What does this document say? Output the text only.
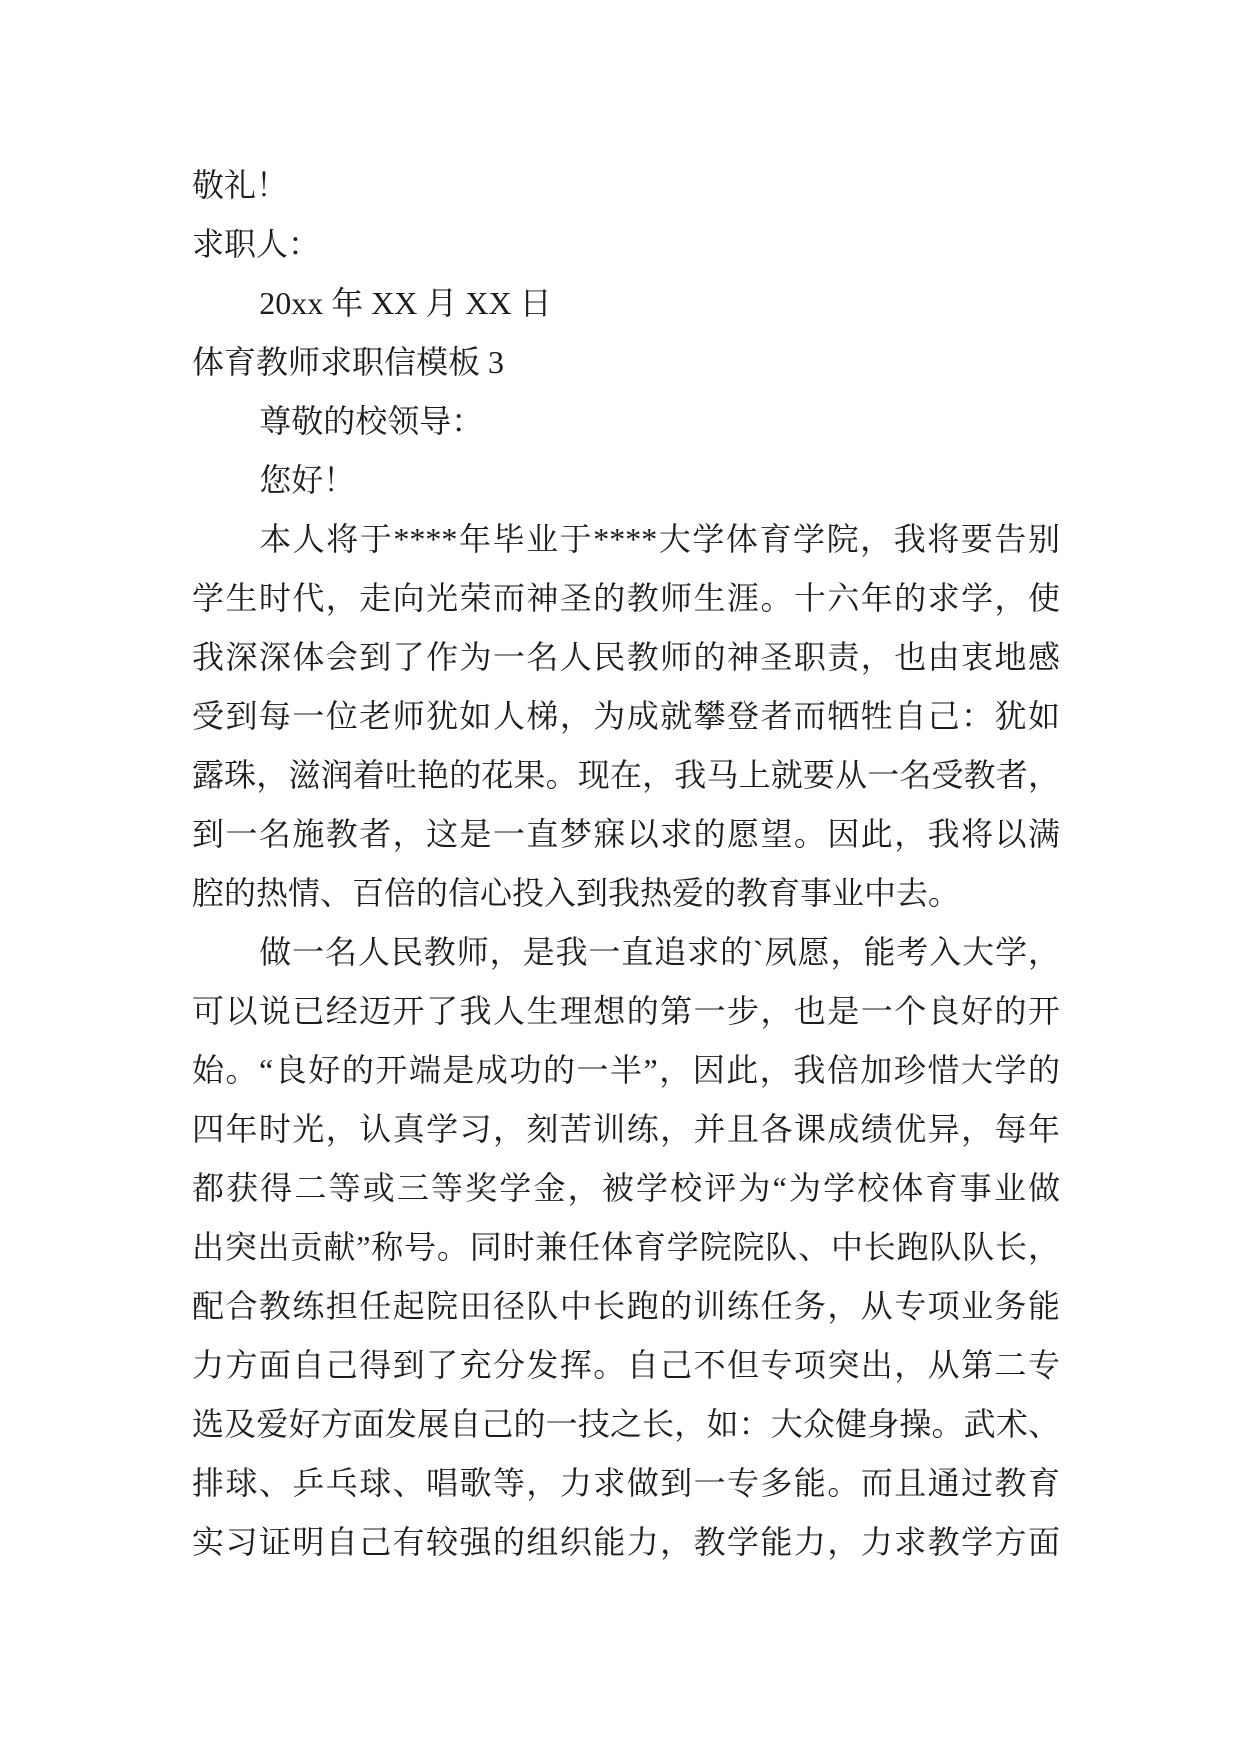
敬礼！
求职人：
20xx 年 XX 月 XX 日
体育教师求职信模板 3
尊敬的校领导：
您好！
本人将于****年毕业于****大学体育学院，我将要告别
学生时代，走向光荣而神圣的教师生涯。十六年的求学，使
我深深体会到了作为一名人民教师的神圣职责，也由衷地感
受到每一位老师犹如人梯，为成就攀登者而牺牲自己：犹如
露珠，滋润着吐艳的花果。现在，我马上就要从一名受教者，
到一名施教者，这是一直梦寐以求的愿望。因此，我将以满
腔的热情、百倍的信心投入到我热爱的教育事业中去。
做一名人民教师，是我一直追求的`夙愿，能考入大学，
可以说已经迈开了我人生理想的第一步，也是一个良好的开
始。“良好的开端是成功的一半”，因此，我倍加珍惜大学的
四年时光，认真学习，刻苦训练，并且各课成绩优异，每年
都获得二等或三等奖学金，被学校评为“为学校体育事业做
出突出贡献”称号。同时兼任体育学院院队、中长跑队队长，
配合教练担任起院田径队中长跑的训练任务，从专项业务能
力方面自己得到了充分发挥。自己不但专项突出，从第二专
选及爱好方面发展自己的一技之长，如：大众健身操。武术、
排球、乒乓球、唱歌等，力求做到一专多能。而且通过教育
实习证明自己有较强的组织能力，教学能力，力求教学方面
